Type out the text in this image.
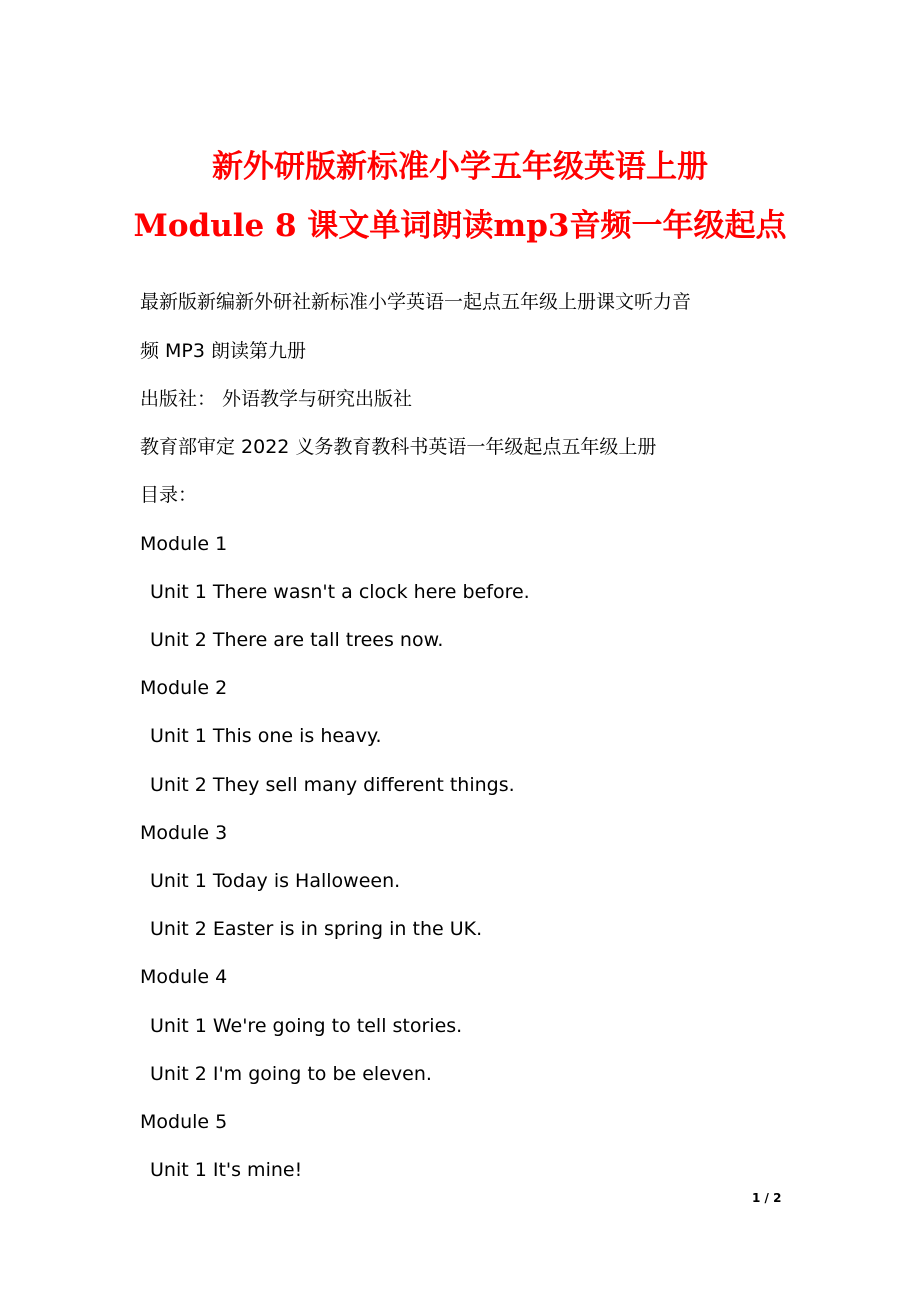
新外研版新标准小学五年级英语上册
Module 8 课文单词朗读mp3音频一年级起点
最新版新编新外研社新标准小学英语一起点五年级上册课文听力音
频 MP3 朗读第九册
出版社： 外语教学与研究出版社
教育部审定 2022 义务教育教科书英语一年级起点五年级上册
目录：
Module 1
Unit 1 There wasn't a clock here before.
Unit 2 There are tall trees now.
Module 2
Unit 1 This one is heavy.
Unit 2 They sell many different things.
Module 3
Unit 1 Today is Halloween.
Unit 2 Easter is in spring in the UK.
Module 4
Unit 1 We're going to tell stories.
Unit 2 I'm going to be eleven.
Module 5
Unit 1 It's mine!
1 / 2
